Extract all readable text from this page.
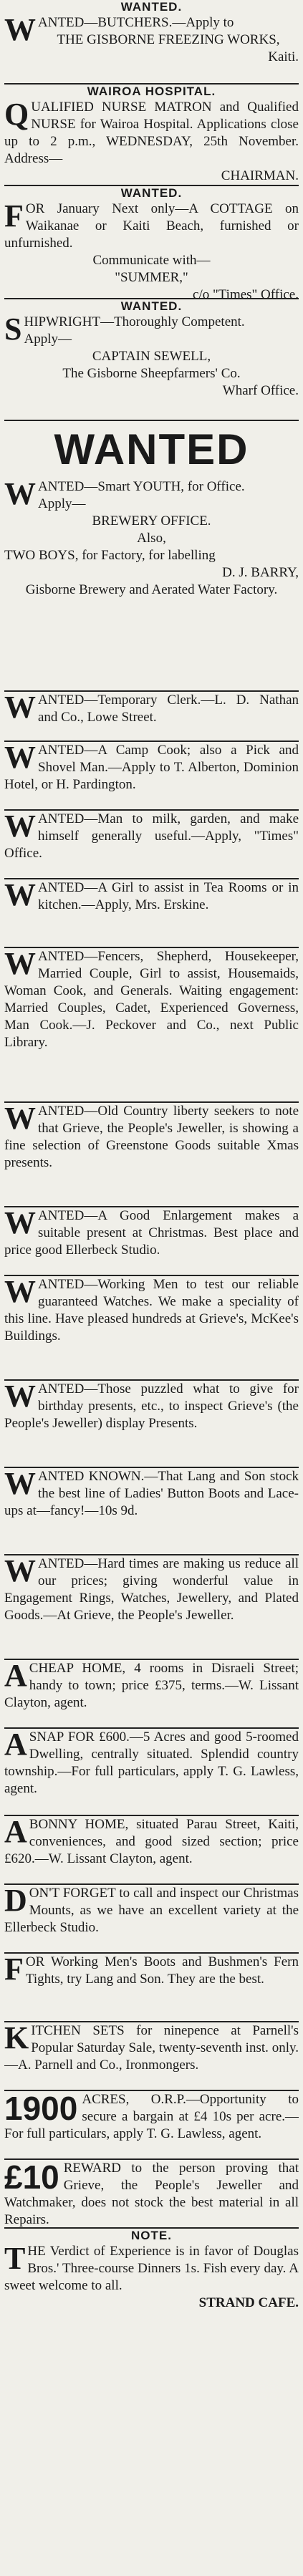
WANTED.

WANTED—BUTCHERS.—Apply to

THE GISBORNE FREEZING WORKS,

Kaiti.

WAIROA HOSPITAL.

QUALIFIED NURSE MATRON and Qualified NURSE for Wairoa Hospital. Applications close up to 2 p.m., WEDNESDAY, 25th November. Address—

CHAIRMAN.

WANTED.

FOR January Next only—A COTTAGE on Waikanae or Kaiti Beach, furnished or unfurnished.

Communicate with—

"SUMMER,"

c/o "Times" Office.

WANTED.

SHIPWRIGHT—Thoroughly Competent.

Apply—

CAPTAIN SEWELL,

The Gisborne Sheepfarmers' Co.

Wharf Office.

WANTED

WANTED—Smart YOUTH, for Office.

Apply—

BREWERY OFFICE.

Also,

TWO BOYS, for Factory, for labelling

D. J. BARRY,

Gisborne Brewery and Aerated Water Factory.

WANTED—Temporary Clerk.—L. D. Nathan and Co., Lowe Street.

WANTED—A Camp Cook; also a Pick and Shovel Man.—Apply to T. Alberton, Dominion Hotel, or H. Pardington.

WANTED—Man to milk, garden, and make himself generally useful.—Apply, "Times" Office.

WANTED—A Girl to assist in Tea Rooms or in kitchen.—Apply, Mrs. Erskine.

WANTED—Fencers, Shepherd, Housekeeper, Married Couple, Girl to assist, Housemaids, Woman Cook, and Generals. Waiting engagement: Married Couples, Cadet, Experienced Governess, Man Cook.—J. Peckover and Co., next Public Library.

WANTED—Old Country liberty seekers to note that Grieve, the People's Jeweller, is showing a fine selection of Greenstone Goods suitable Xmas presents.

WANTED—A Good Enlargement makes a suitable present at Christmas. Best place and price good Ellerbeck Studio.

WANTED—Working Men to test our reliable guaranteed Watches. We make a speciality of this line. Have pleased hundreds at Grieve's, McKee's Buildings.

WANTED—Those puzzled what to give for birthday presents, etc., to inspect Grieve's (the People's Jeweller) display Presents.

WANTED KNOWN.—That Lang and Son stock the best line of Ladies' Button Boots and Lace-ups at—fancy!—10s 9d.

WANTED—Hard times are making us reduce all our prices; giving wonderful value in Engagement Rings, Watches, Jewellery, and Plated Goods.—At Grieve, the People's Jeweller.

A CHEAP HOME, 4 rooms in Disraeli Street; handy to town; price £375, terms.—W. Lissant Clayton, agent.

A SNAP FOR £600.—5 Acres and good 5-roomed Dwelling, centrally situated. Splendid country township.—For full particulars, apply T. G. Lawless, agent.

A BONNY HOME, situated Parau Street, Kaiti, conveniences, and good sized section; price £620.—W. Lissant Clayton, agent.

DON'T FORGET to call and inspect our Christmas Mounts, as we have an excellent variety at the Ellerbeck Studio.

FOR Working Men's Boots and Bushmen's Fern Tights, try Lang and Son. They are the best.

KITCHEN SETS for ninepence at Parnell's Popular Saturday Sale, twenty-seventh inst. only.—A. Parnell and Co., Ironmongers.

1900 ACRES, O.R.P.—Opportunity to secure a bargain at £4 10s per acre.—For full particulars, apply T. G. Lawless, agent.

£10 REWARD to the person proving that Grieve, the People's Jeweller and Watchmaker, does not stock the best material in all Repairs.

NOTE.

THE Verdict of Experience is in favor of Douglas Bros.' Three-course Dinners 1s. Fish every day. A sweet welcome to all.

STRAND CAFE.
